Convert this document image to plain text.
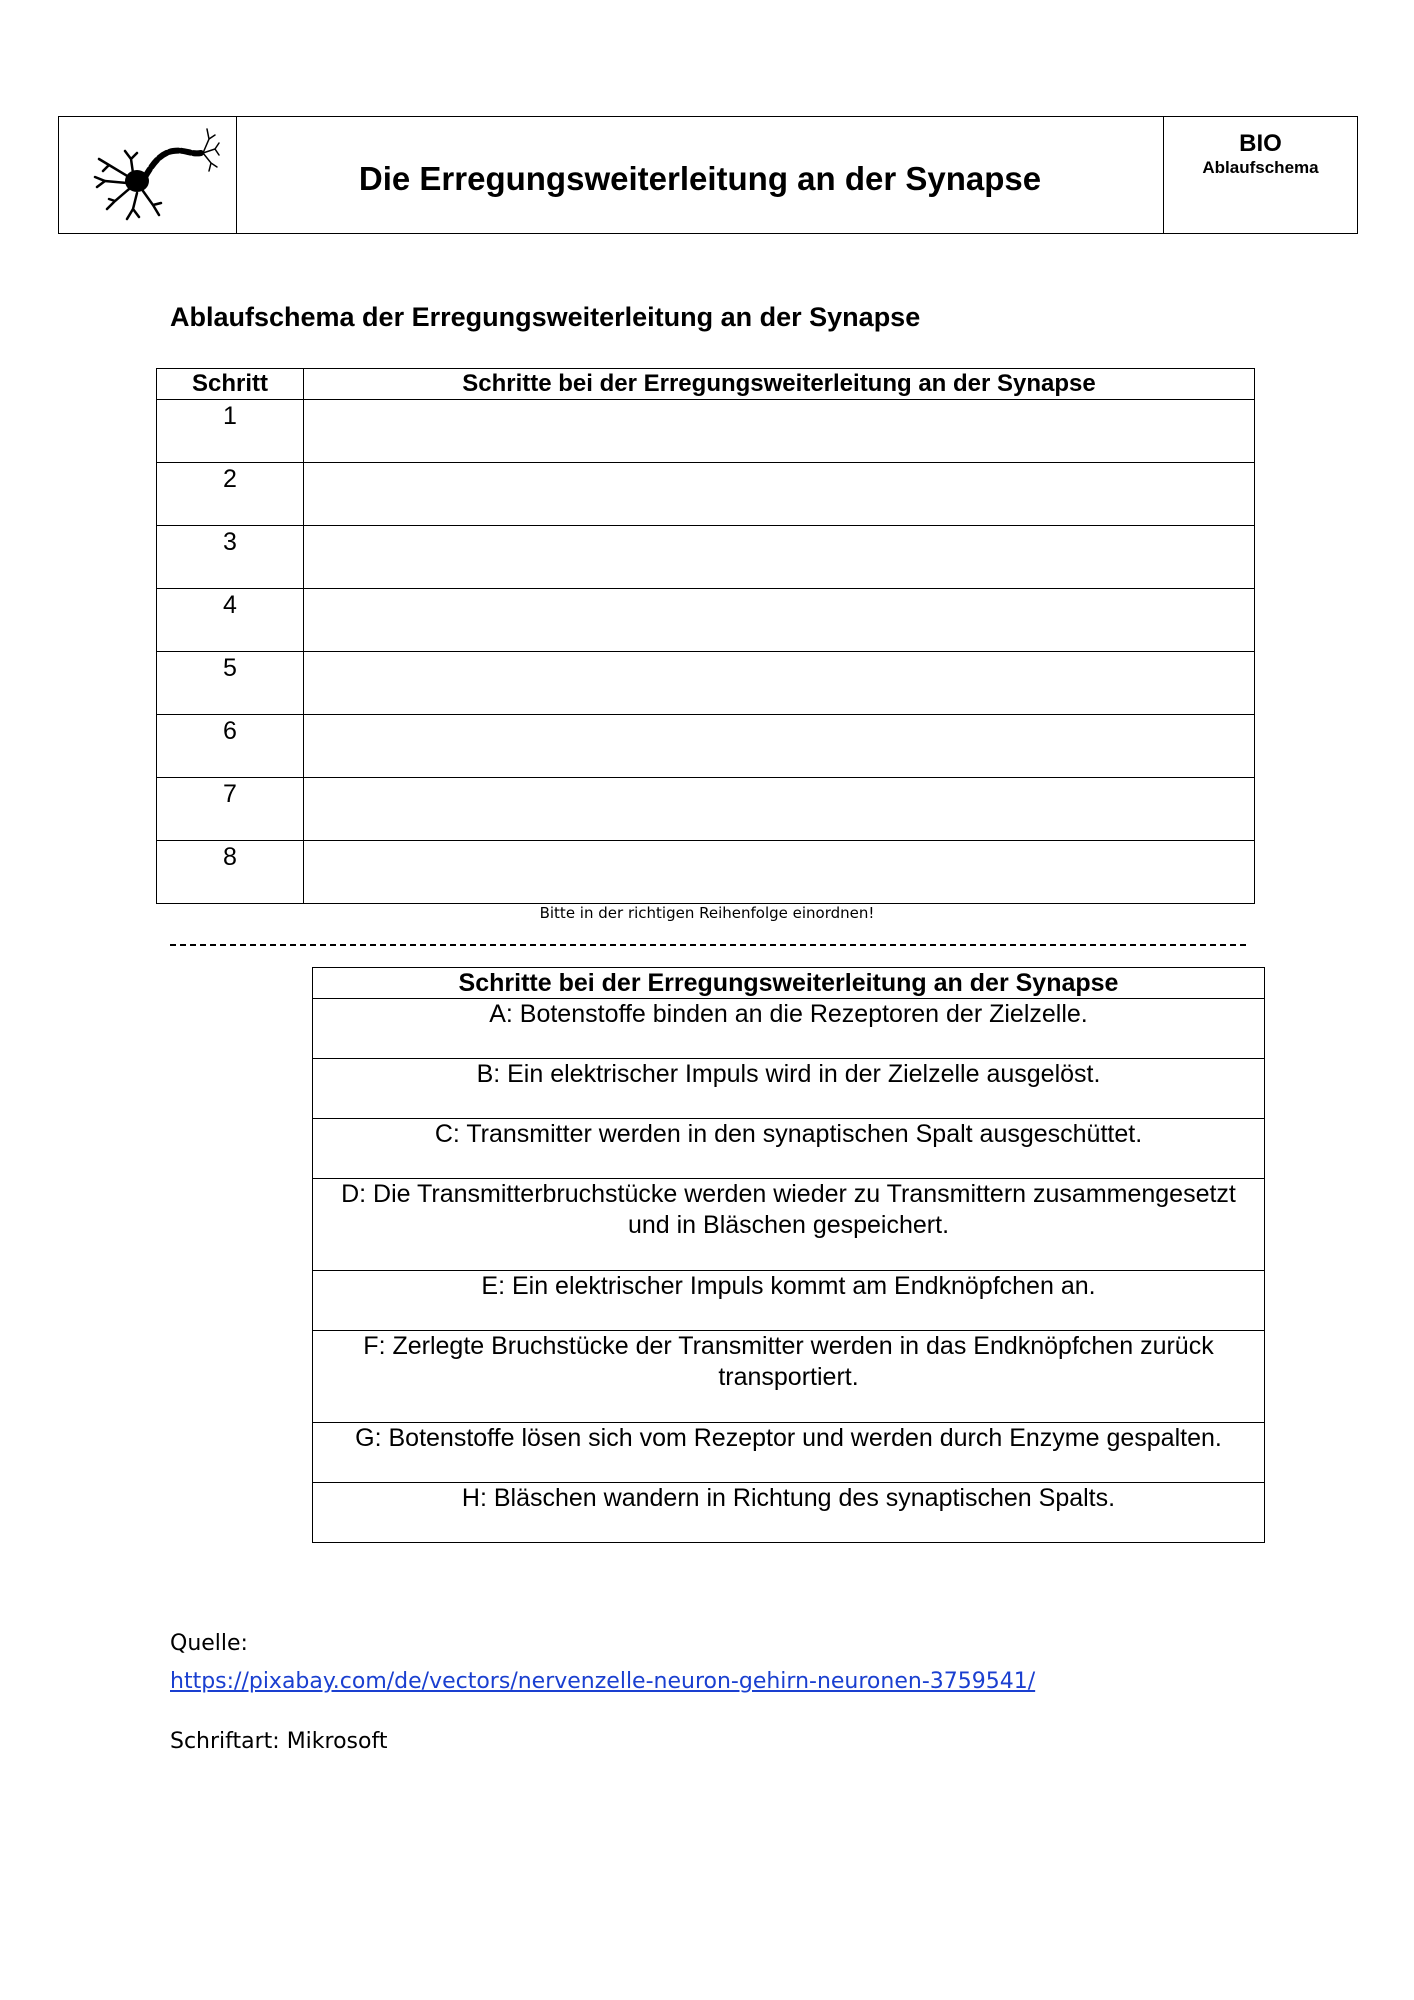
Die Erregungsweiterleitung an der Synapse
BIO
Ablaufschema
Ablaufschema der Erregungsweiterleitung an der Synapse
Schritt	Schritte bei der Erregungsweiterleitung an der Synapse
1	
2	
3	
4	
5	
6	
7	
8	
Bitte in der richtigen Reihenfolge einordnen!
Schritte bei der Erregungsweiterleitung an der Synapse
A: Botenstoffe binden an die Rezeptoren der Zielzelle.
B: Ein elektrischer Impuls wird in der Zielzelle ausgelöst.
C: Transmitter werden in den synaptischen Spalt ausgeschüttet.
D: Die Transmitterbruchstücke werden wieder zu Transmittern zusammengesetzt und in Bläschen gespeichert.
E: Ein elektrischer Impuls kommt am Endknöpfchen an.
F: Zerlegte Bruchstücke der Transmitter werden in das Endknöpfchen zurück transportiert.
G: Botenstoffe lösen sich vom Rezeptor und werden durch Enzyme gespalten.
H: Bläschen wandern in Richtung des synaptischen Spalts.
Quelle:
https://pixabay.com/de/vectors/nervenzelle-neuron-gehirn-neuronen-3759541/
Schriftart: Mikrosoft
